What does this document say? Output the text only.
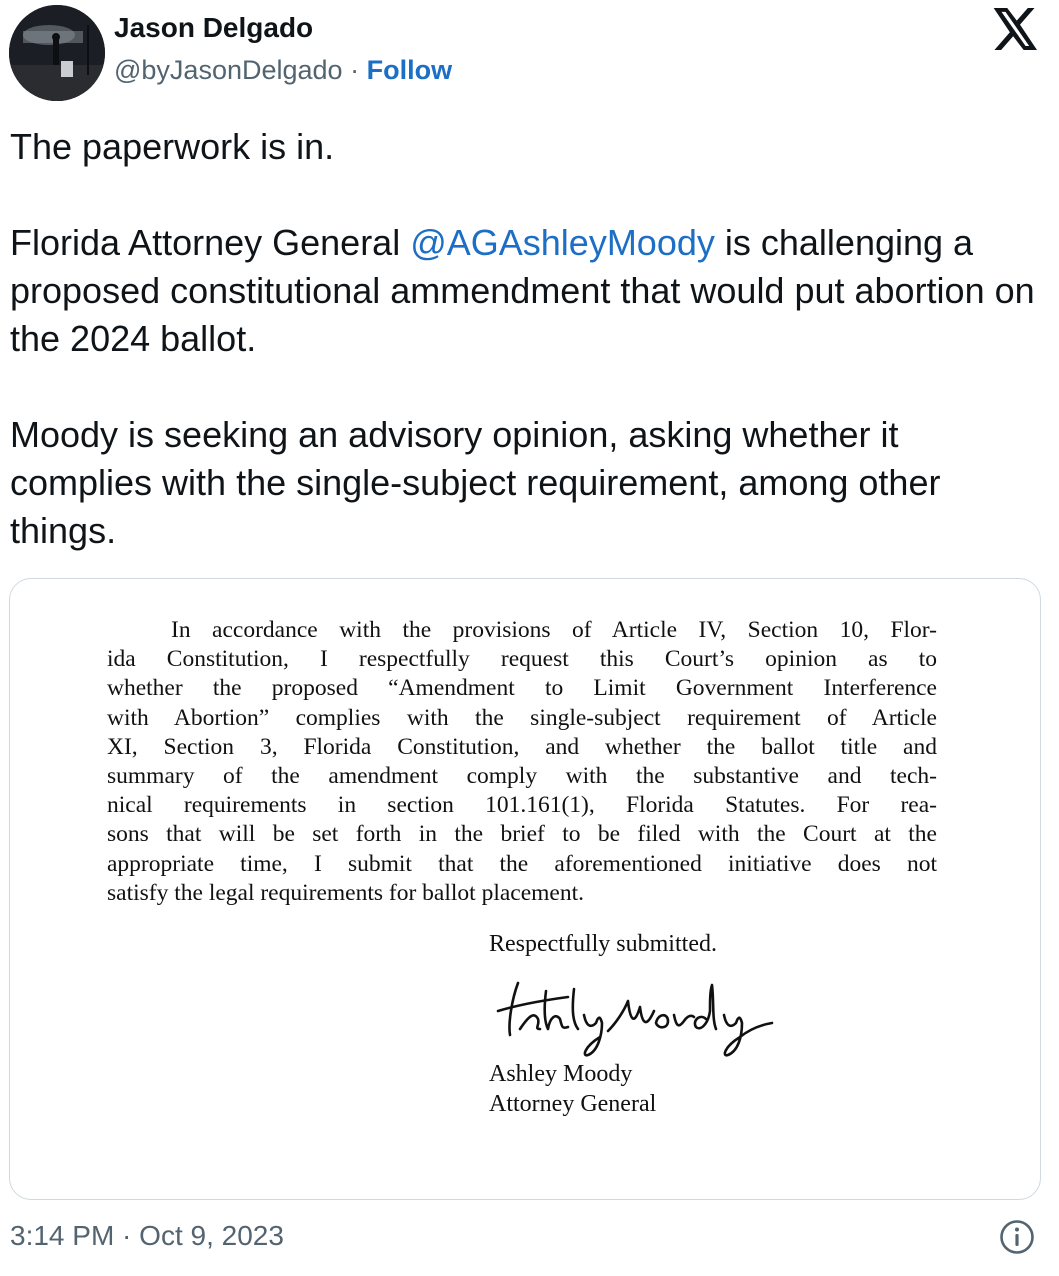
Jason Delgado
@byJasonDelgado · Follow

The paperwork is in.

Florida Attorney General @AGAshleyMoody is challenging a proposed constitutional ammendment that would put abortion on the 2024 ballot.

Moody is seeking an advisory opinion, asking whether it complies with the single-subject requirement, among other things.

In accordance with the provisions of Article IV, Section 10, Flor-
ida Constitution, I respectfully request this Court’s opinion as to
whether the proposed “Amendment to Limit Government Interference
with Abortion” complies with the single-subject requirement of Article
XI, Section 3, Florida Constitution, and whether the ballot title and
summary of the amendment comply with the substantive and tech-
nical requirements in section 101.161(1), Florida Statutes. For rea-
sons that will be set forth in the brief to be filed with the Court at the
appropriate time, I submit that the aforementioned initiative does not
satisfy the legal requirements for ballot placement.
Respectfully submitted.
Ashley Moody
Attorney General
3:14 PM · Oct 9, 2023
